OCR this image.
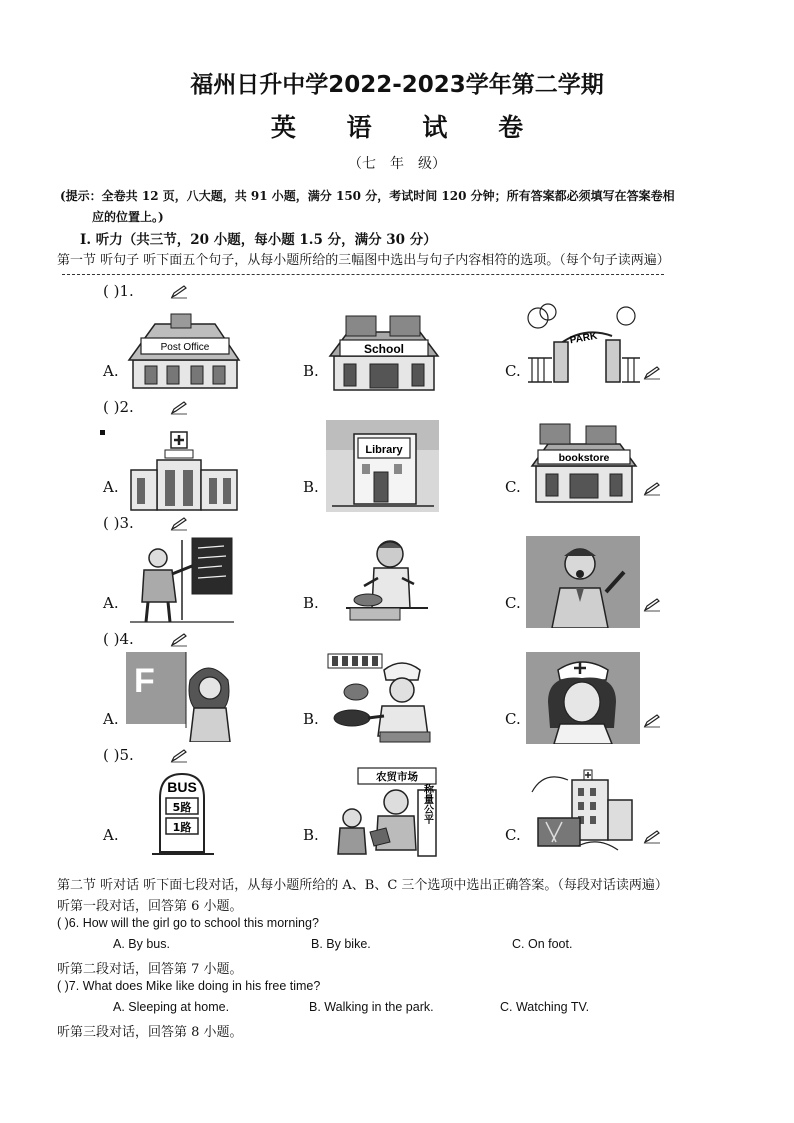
福州日升中学2022-2023学年第二学期
英 语 试 卷
（七　年　级）
(提示：全卷共 12 页，八大题，共 91 小题，满分 150 分，考试时间 120 分钟；所有答案都必须填写在答案卷相
应的位置上。)
Ⅰ. 听力（共三节，20 小题，每小题 1.5 分，满分 30 分）
第一节 听句子 听下面五个句子，从每小题所给的三幅图中选出与句子内容相符的选项。（每个句子读两遍）
( )1.
A.
Post Office
B.
School
C.
PARK
( )2.
A.	B.
Library
C.
bookstore
( )3.
A.	B.	C.
( )4.
A.
F
B.	C.
( )5.
A.
BUS
5路
1路	B.
农贸市场
称量公平
C.
第二节 听对话 听下面七段对话，从每小题所给的 A、B、C 三个选项中选出正确答案。（每段对话读两遍）
听第一段对话，回答第 6 小题。
( )6. How will the girl go to school this morning?
A. By bus.	B. By bike.	C. On foot.
听第二段对话，回答第 7 小题。
( )7. What does Mike like doing in his free time?
A. Sleeping at home.	B. Walking in the park.	C. Watching TV.
听第三段对话，回答第 8 小题。
